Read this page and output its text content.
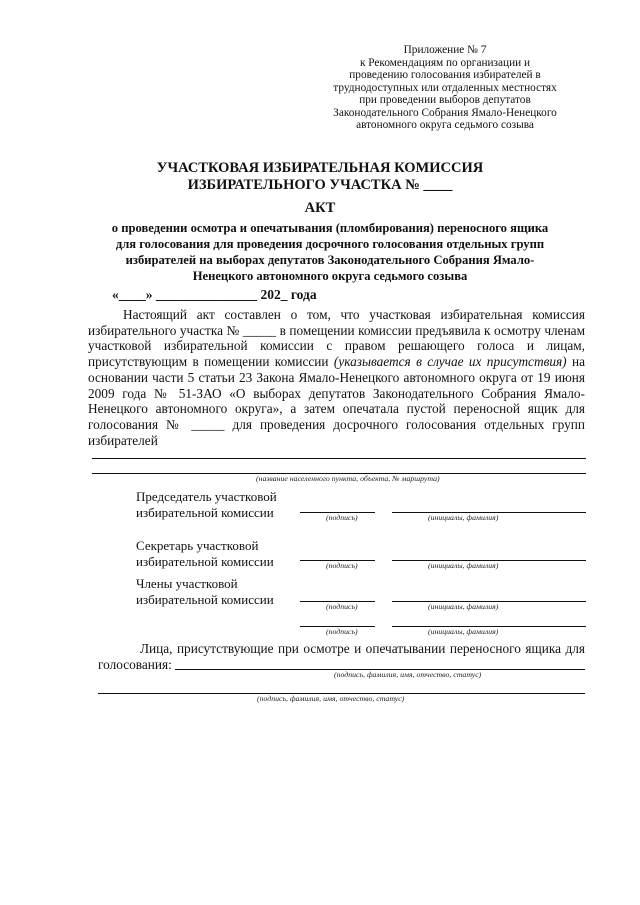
Приложение № 7
к Рекомендациям по организации и
проведению голосования избирателей в
труднодоступных или отдаленных местностях
при проведении выборов депутатов
Законодательного Собрания Ямало-Ненецкого
автономного округа седьмого созыва
УЧАСТКОВАЯ ИЗБИРАТЕЛЬНАЯ КОМИССИЯ
ИЗБИРАТЕЛЬНОГО УЧАСТКА № ____
АКТ
о проведении осмотра и опечатывания (пломбирования) переносного ящика для голосования для проведения досрочного голосования отдельных групп избирателей на выборах депутатов Законодательного Собрания Ямало-Ненецкого автономного округа седьмого созыва
«____» _______________ 202_ года
Настоящий акт составлен о том, что участковая избирательная комиссия избирательного участка № _____ в помещении комиссии предъявила к осмотру членам участковой избирательной комиссии с правом решающего голоса и лицам, присутствующим в помещении комиссии (указывается в случае их присутствия) на основании части 5 статьи 23 Закона Ямало-Ненецкого автономного округа от 19 июня 2009 года № 51-ЗАО «О выборах депутатов Законодательного Собрания Ямало-Ненецкого автономного округа», а затем опечатала пустой переносной ящик для голосования № _____ для проведения досрочного голосования отдельных групп избирателей
(название населенного пункта, объекта, № маршрута)
Председатель участковой избирательной комиссии	(подпись)	(инициалы, фамилия)
Секретарь участковой избирательной комиссии	(подпись)	(инициалы, фамилия)
Члены участковой избирательной комиссии	(подпись)	(инициалы, фамилия)
(подпись)	(инициалы, фамилия)
Лица, присутствующие при осмотре и опечатывании переносного ящика для голосования:
(подпись, фамилия, имя, отчество, статус)
(подпись, фамилия, имя, отчество, статус)
